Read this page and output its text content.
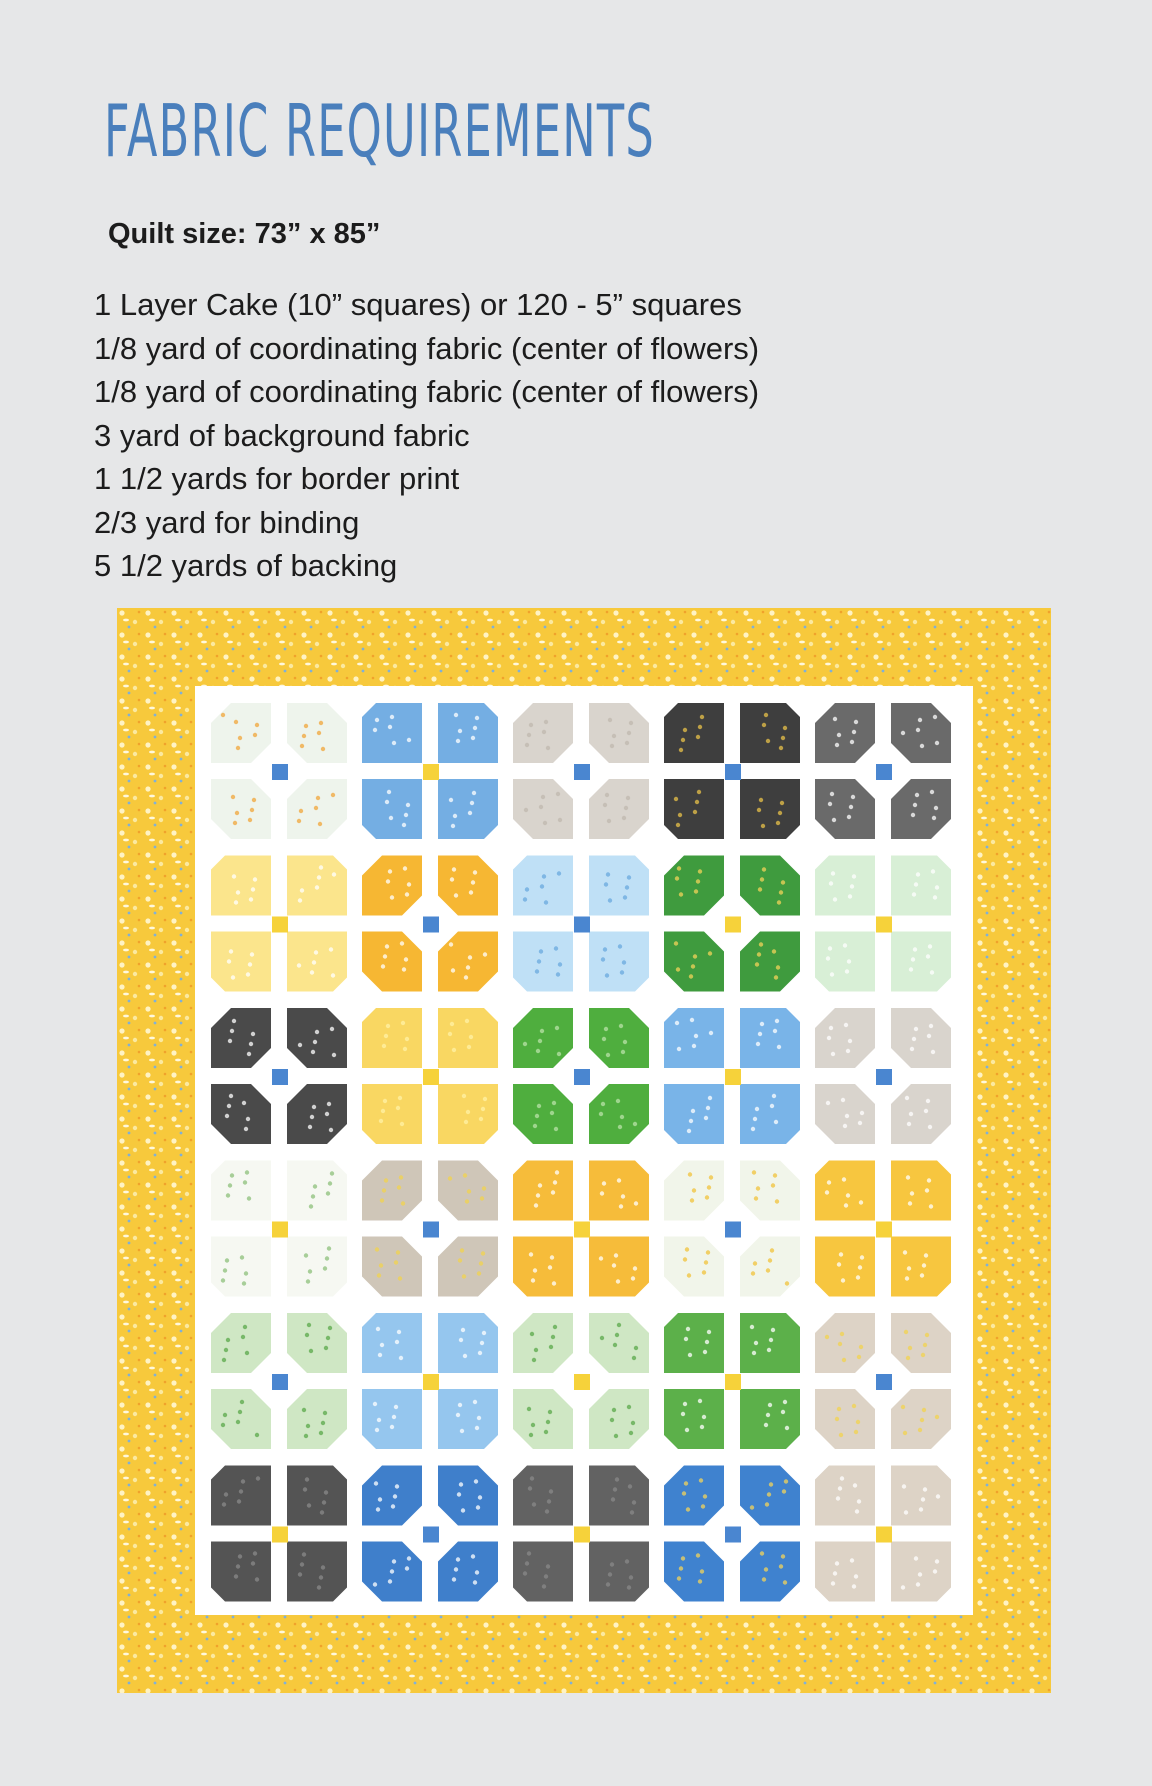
FABRIC REQUIREMENTS
Quilt size: 73” x 85”
1 Layer Cake (10” squares) or 120 - 5” squares
1/8 yard of coordinating fabric (center of flowers)
1/8 yard of coordinating fabric (center of flowers)
3 yard of background fabric
1 1/2 yards for border print
2/3 yard for binding
5 1/2 yards of backing
